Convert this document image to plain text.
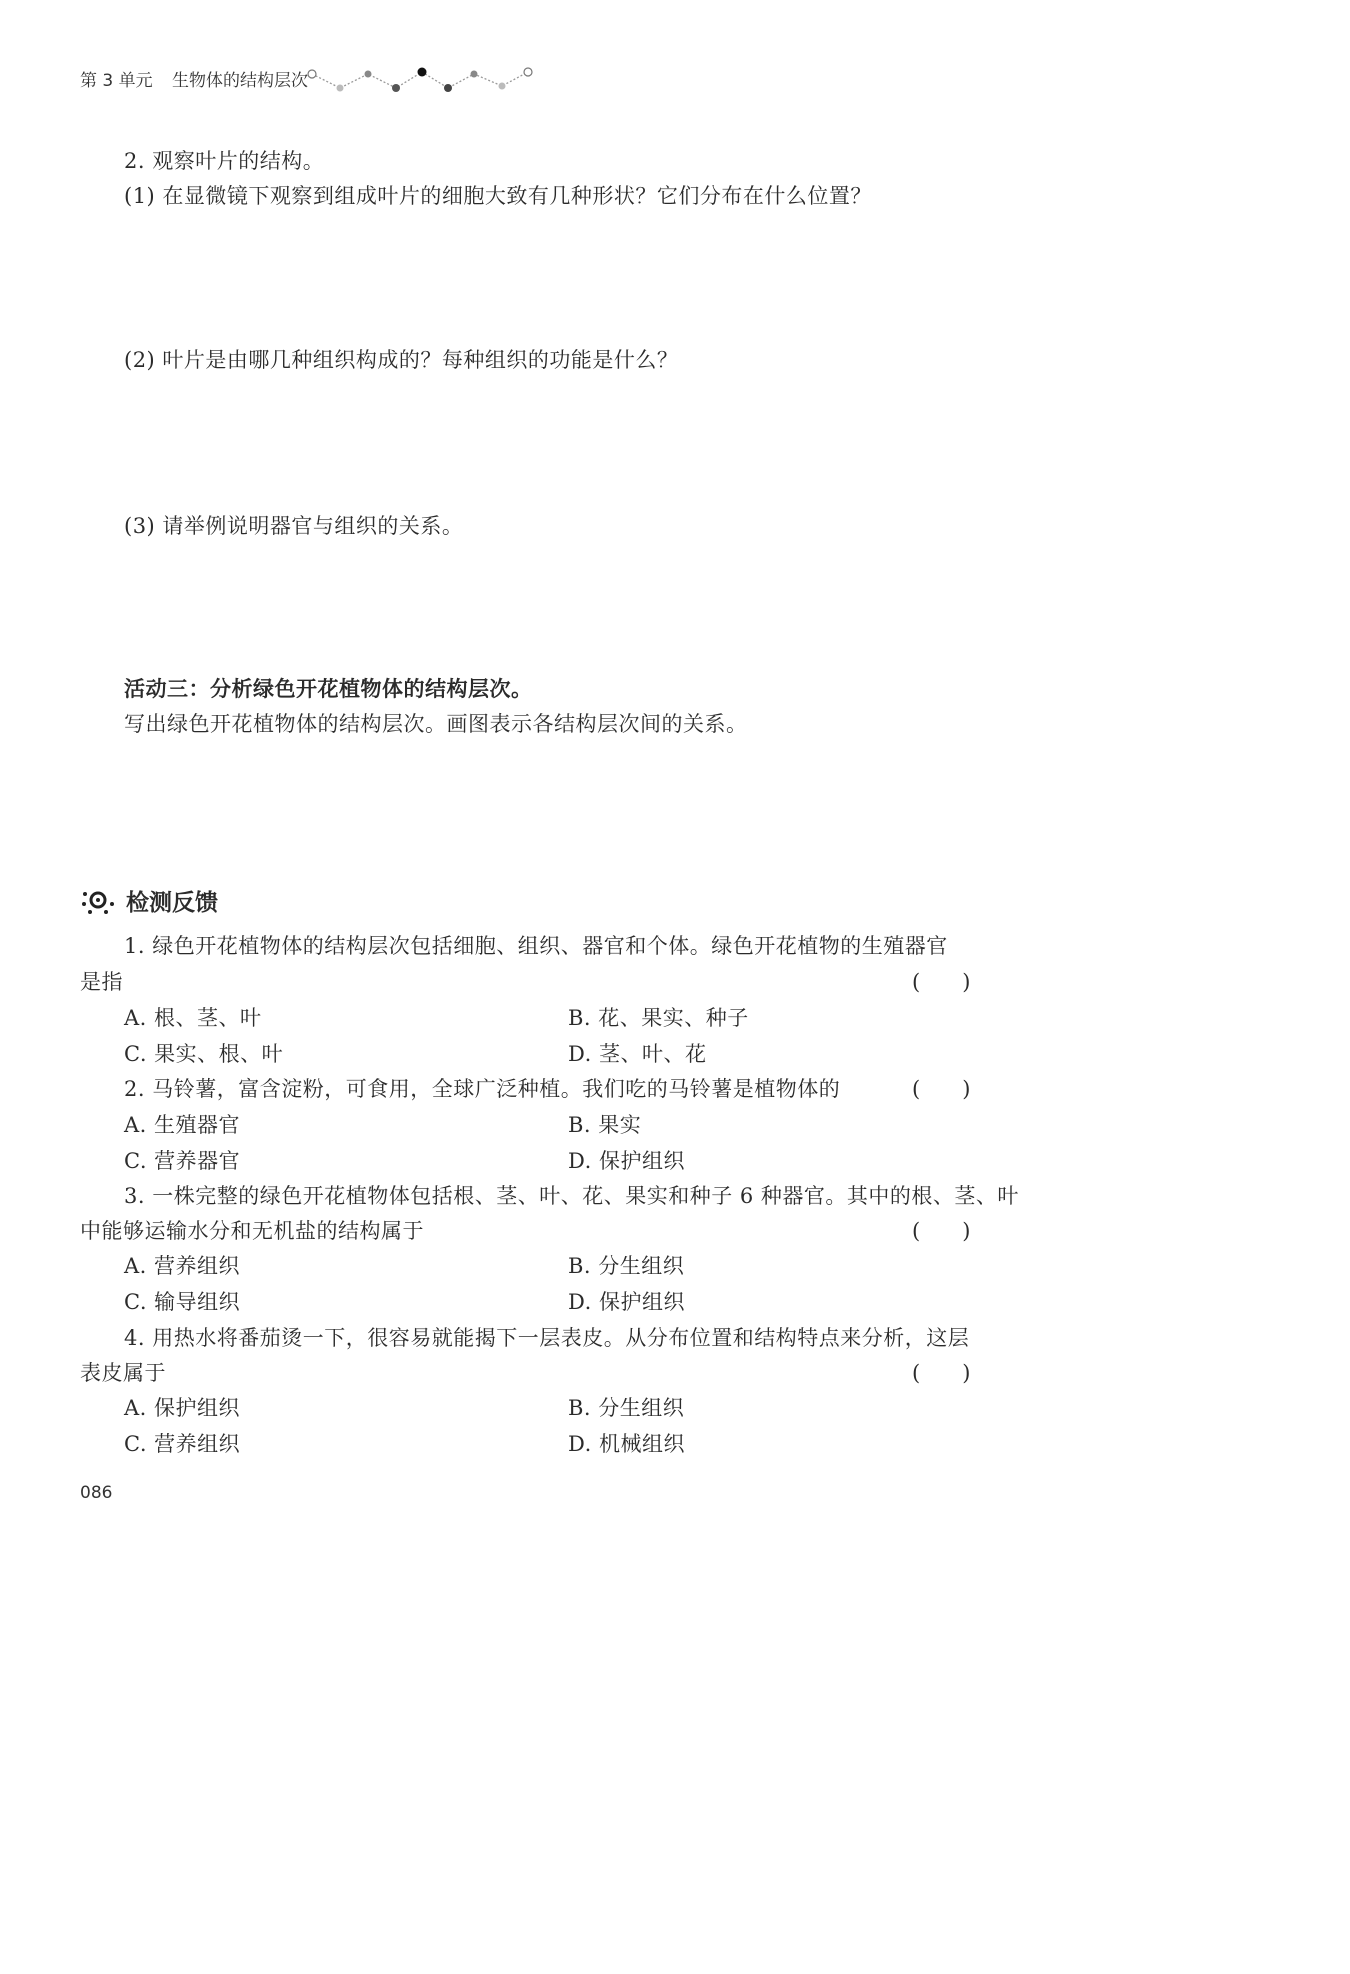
第 3 单元 生物体的结构层次
2. 观察叶片的结构。
(1) 在显微镜下观察到组成叶片的细胞大致有几种形状？它们分布在什么位置？
(2) 叶片是由哪几种组织构成的？每种组织的功能是什么？
(3) 请举例说明器官与组织的关系。
活动三：分析绿色开花植物体的结构层次。
写出绿色开花植物体的结构层次。画图表示各结构层次间的关系。
检测反馈
1. 绿色开花植物体的结构层次包括细胞、组织、器官和个体。绿色开花植物的生殖器官
是指	(　　)
A. 根、茎、叶	B. 花、果实、种子
C. 果实、根、叶	D. 茎、叶、花
2. 马铃薯，富含淀粉，可食用，全球广泛种植。我们吃的马铃薯是植物体的	(　　)
A. 生殖器官	B. 果实
C. 营养器官	D. 保护组织
3. 一株完整的绿色开花植物体包括根、茎、叶、花、果实和种子 6 种器官。其中的根、茎、叶
中能够运输水分和无机盐的结构属于	(　　)
A. 营养组织	B. 分生组织
C. 输导组织	D. 保护组织
4. 用热水将番茄烫一下，很容易就能揭下一层表皮。从分布位置和结构特点来分析，这层
表皮属于	(　　)
A. 保护组织	B. 分生组织
C. 营养组织	D. 机械组织
086
